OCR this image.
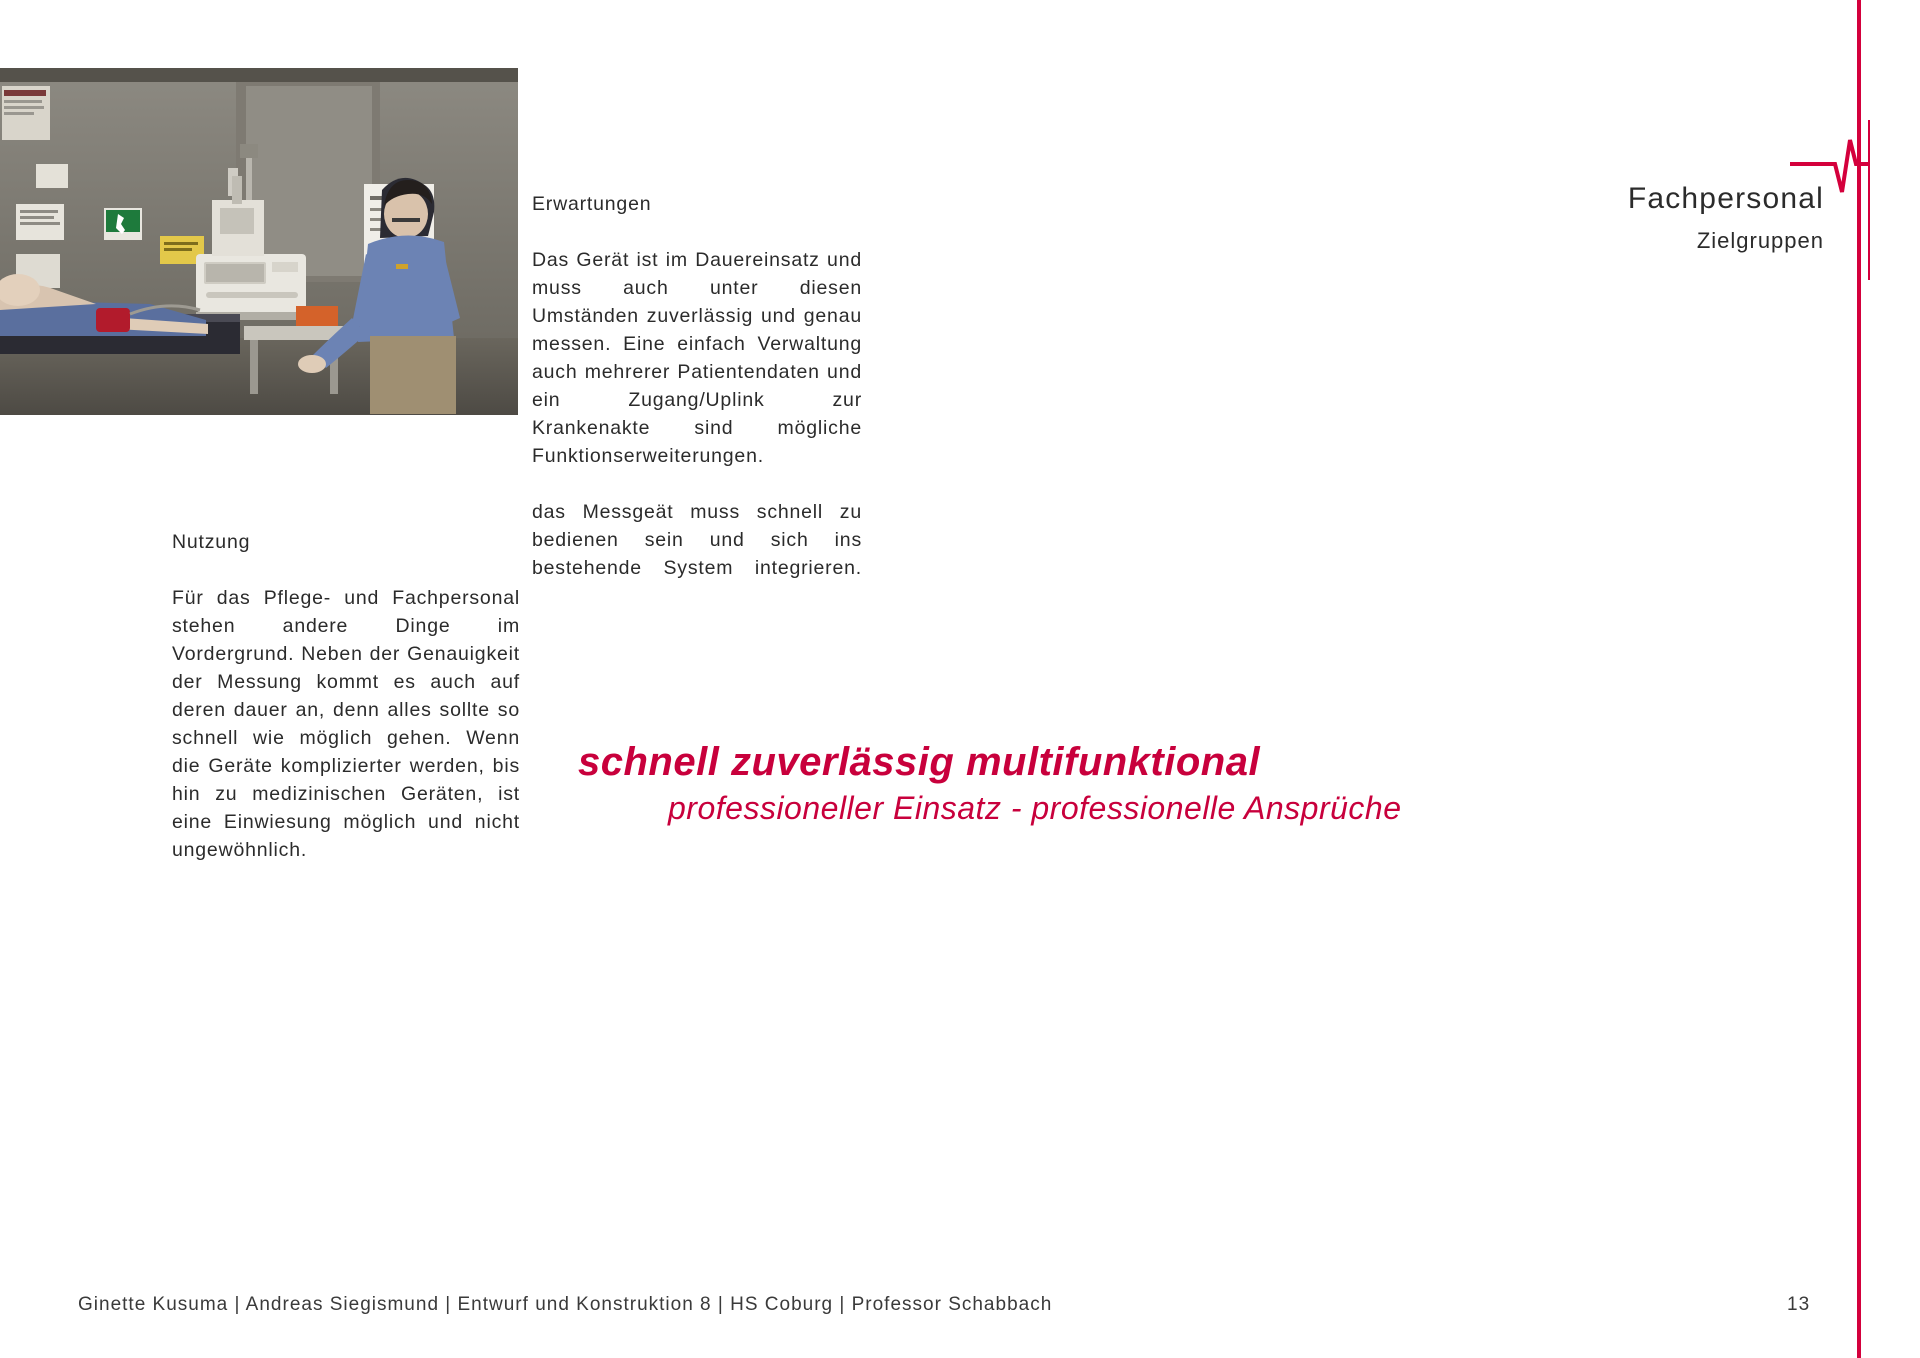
Nutzung

Für das Pflege- und Fachpersonal stehen andere Dinge im Vordergrund. Neben der Genauigkeit der Messung kommt es auch auf deren dauer an, denn alles sollte so schnell wie möglich gehen. Wenn die Geräte komplizierter werden, bis hin zu medizinischen Geräten, ist eine Einwiesung möglich und nicht ungewöhnlich.

Erwartungen

Das Gerät ist im Dauereinsatz und muss auch unter diesen Umständen zuverlässig und genau messen. Eine einfach Verwaltung auch mehrerer Patientendaten und ein Zugang/Uplink zur Krankenakte sind mögliche Funktionserweiterungen.

das Messgeät muss schnell zu bedienen sein und sich ins bestehende System integrieren.

Fachpersonal
Zielgruppen
schnell zuverlässig multifunktional
professioneller Einsatz - professionelle Ansprüche
Ginette Kusuma | Andreas Siegismund | Entwurf und Konstruktion 8 | HS Coburg | Professor Schabbach	13
